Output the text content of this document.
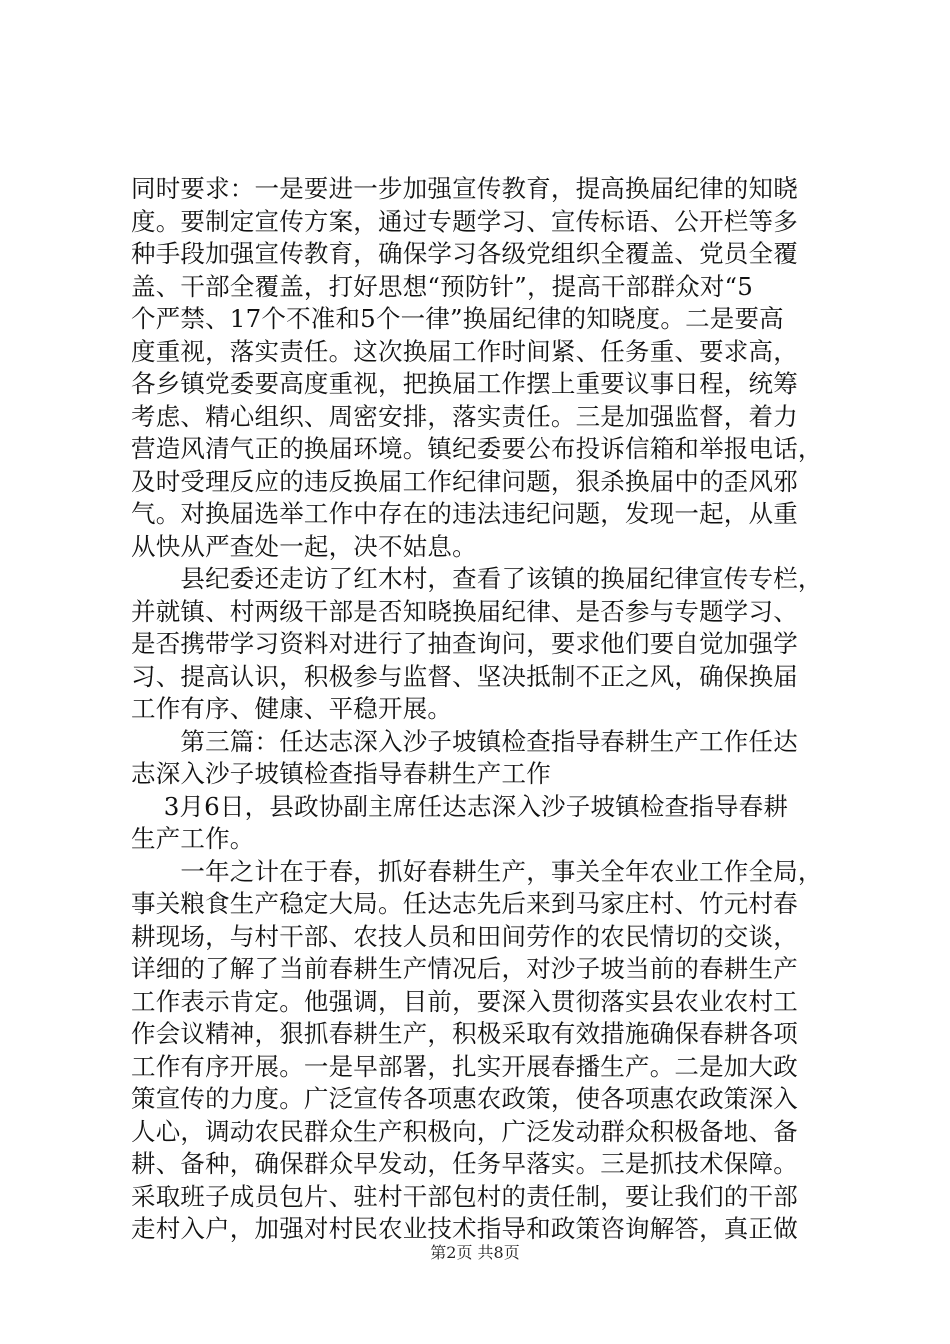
同时要求：一是要进一步加强宣传教育，提高换届纪律的知晓
度。要制定宣传方案，通过专题学习、宣传标语、公开栏等多
种手段加强宣传教育，确保学习各级党组织全覆盖、党员全覆
盖、干部全覆盖，打好思想“预防针”，提高干部群众对“5
个严禁、17个不准和5个一律”换届纪律的知晓度。二是要高
度重视，落实责任。这次换届工作时间紧、任务重、要求高，
各乡镇党委要高度重视，把换届工作摆上重要议事日程，统筹
考虑、精心组织、周密安排，落实责任。三是加强监督，着力
营造风清气正的换届环境。镇纪委要公布投诉信箱和举报电话，
及时受理反应的违反换届工作纪律问题，狠杀换届中的歪风邪
气。对换届选举工作中存在的违法违纪问题，发现一起，从重
从快从严查处一起，决不姑息。
　　县纪委还走访了红木村，查看了该镇的换届纪律宣传专栏，
并就镇、村两级干部是否知晓换届纪律、是否参与专题学习、
是否携带学习资料对进行了抽查询问，要求他们要自觉加强学
习、提高认识，积极参与监督、坚决抵制不正之风，确保换届
工作有序、健康、平稳开展。
　　第三篇：任达志深入沙子坡镇检查指导春耕生产工作任达
志深入沙子坡镇检查指导春耕生产工作
　 3月6日，县政协副主席任达志深入沙子坡镇检查指导春耕
生产工作。
　　一年之计在于春，抓好春耕生产，事关全年农业工作全局，
事关粮食生产稳定大局。任达志先后来到马家庄村、竹元村春
耕现场，与村干部、农技人员和田间劳作的农民情切的交谈，
详细的了解了当前春耕生产情况后，对沙子坡当前的春耕生产
工作表示肯定。他强调，目前，要深入贯彻落实县农业农村工
作会议精神，狠抓春耕生产，积极采取有效措施确保春耕各项
工作有序开展。一是早部署，扎实开展春播生产。二是加大政
策宣传的力度。广泛宣传各项惠农政策，使各项惠农政策深入
人心，调动农民群众生产积极向，广泛发动群众积极备地、备
耕、备种，确保群众早发动，任务早落实。三是抓技术保障。
采取班子成员包片、驻村干部包村的责任制，要让我们的干部
走村入户，加强对村民农业技术指导和政策咨询解答，真正做
第2页 共8页
